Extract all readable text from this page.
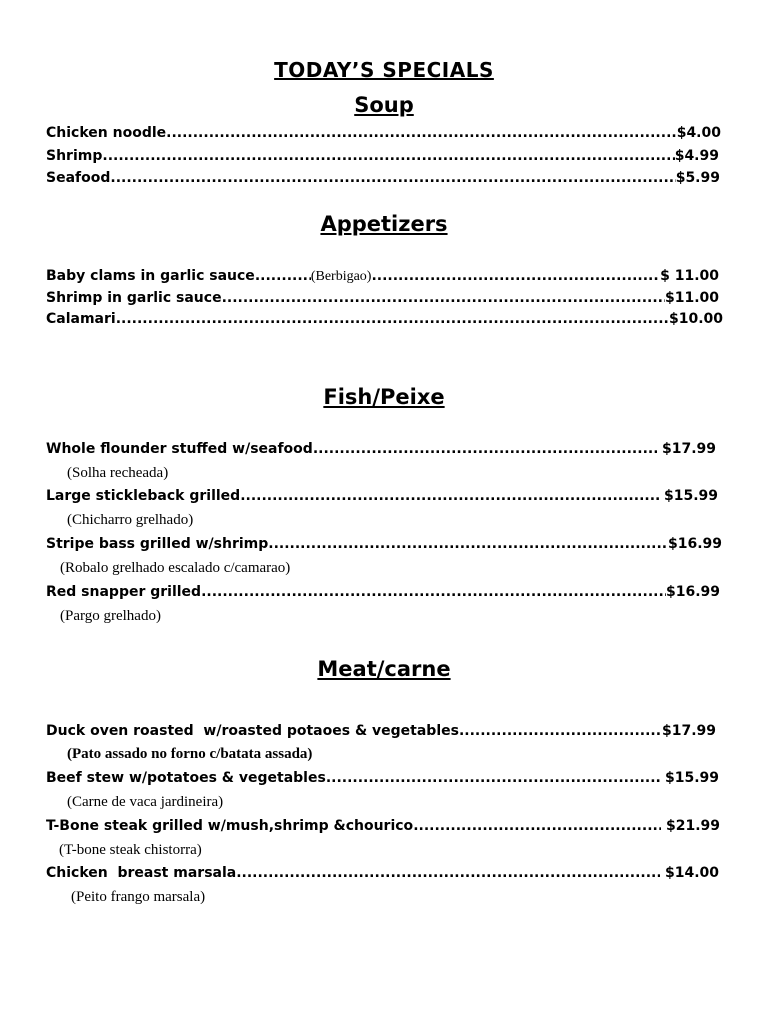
TODAY’S SPECIALS
Soup
Chicken noodle .....	$4.00
Shrimp .....	$4.99
Seafood .....	$5.99
Appetizers
Baby clams in garlic sauce .....	(Berbigao) .....	$ 11.00
Shrimp in garlic sauce .....	$11.00
Calamari .....	$10.00
Fish/Peixe
Whole flounder stuffed w/seafood .....	$17.99
(Solha recheada)
Large stickleback grilled .....	$15.99
(Chicharro grelhado)
Stripe bass grilled w/shrimp .....	$16.99
(Robalo grelhado escalado c/camarao)
Red snapper grilled .....	$16.99
(Pargo grelhado)
Meat/carne
Duck oven roasted  w/roasted potaoes & vegetables .....	$17.99
(Pato assado no forno c/batata assada)
Beef stew w/potatoes & vegetables .....	$15.99
(Carne de vaca jardineira)
T-Bone steak grilled w/mush,shrimp &chourico .....	$21.99
(T-bone steak chistorra)
Chicken  breast marsala .....	$14.00
(Peito frango marsala)
